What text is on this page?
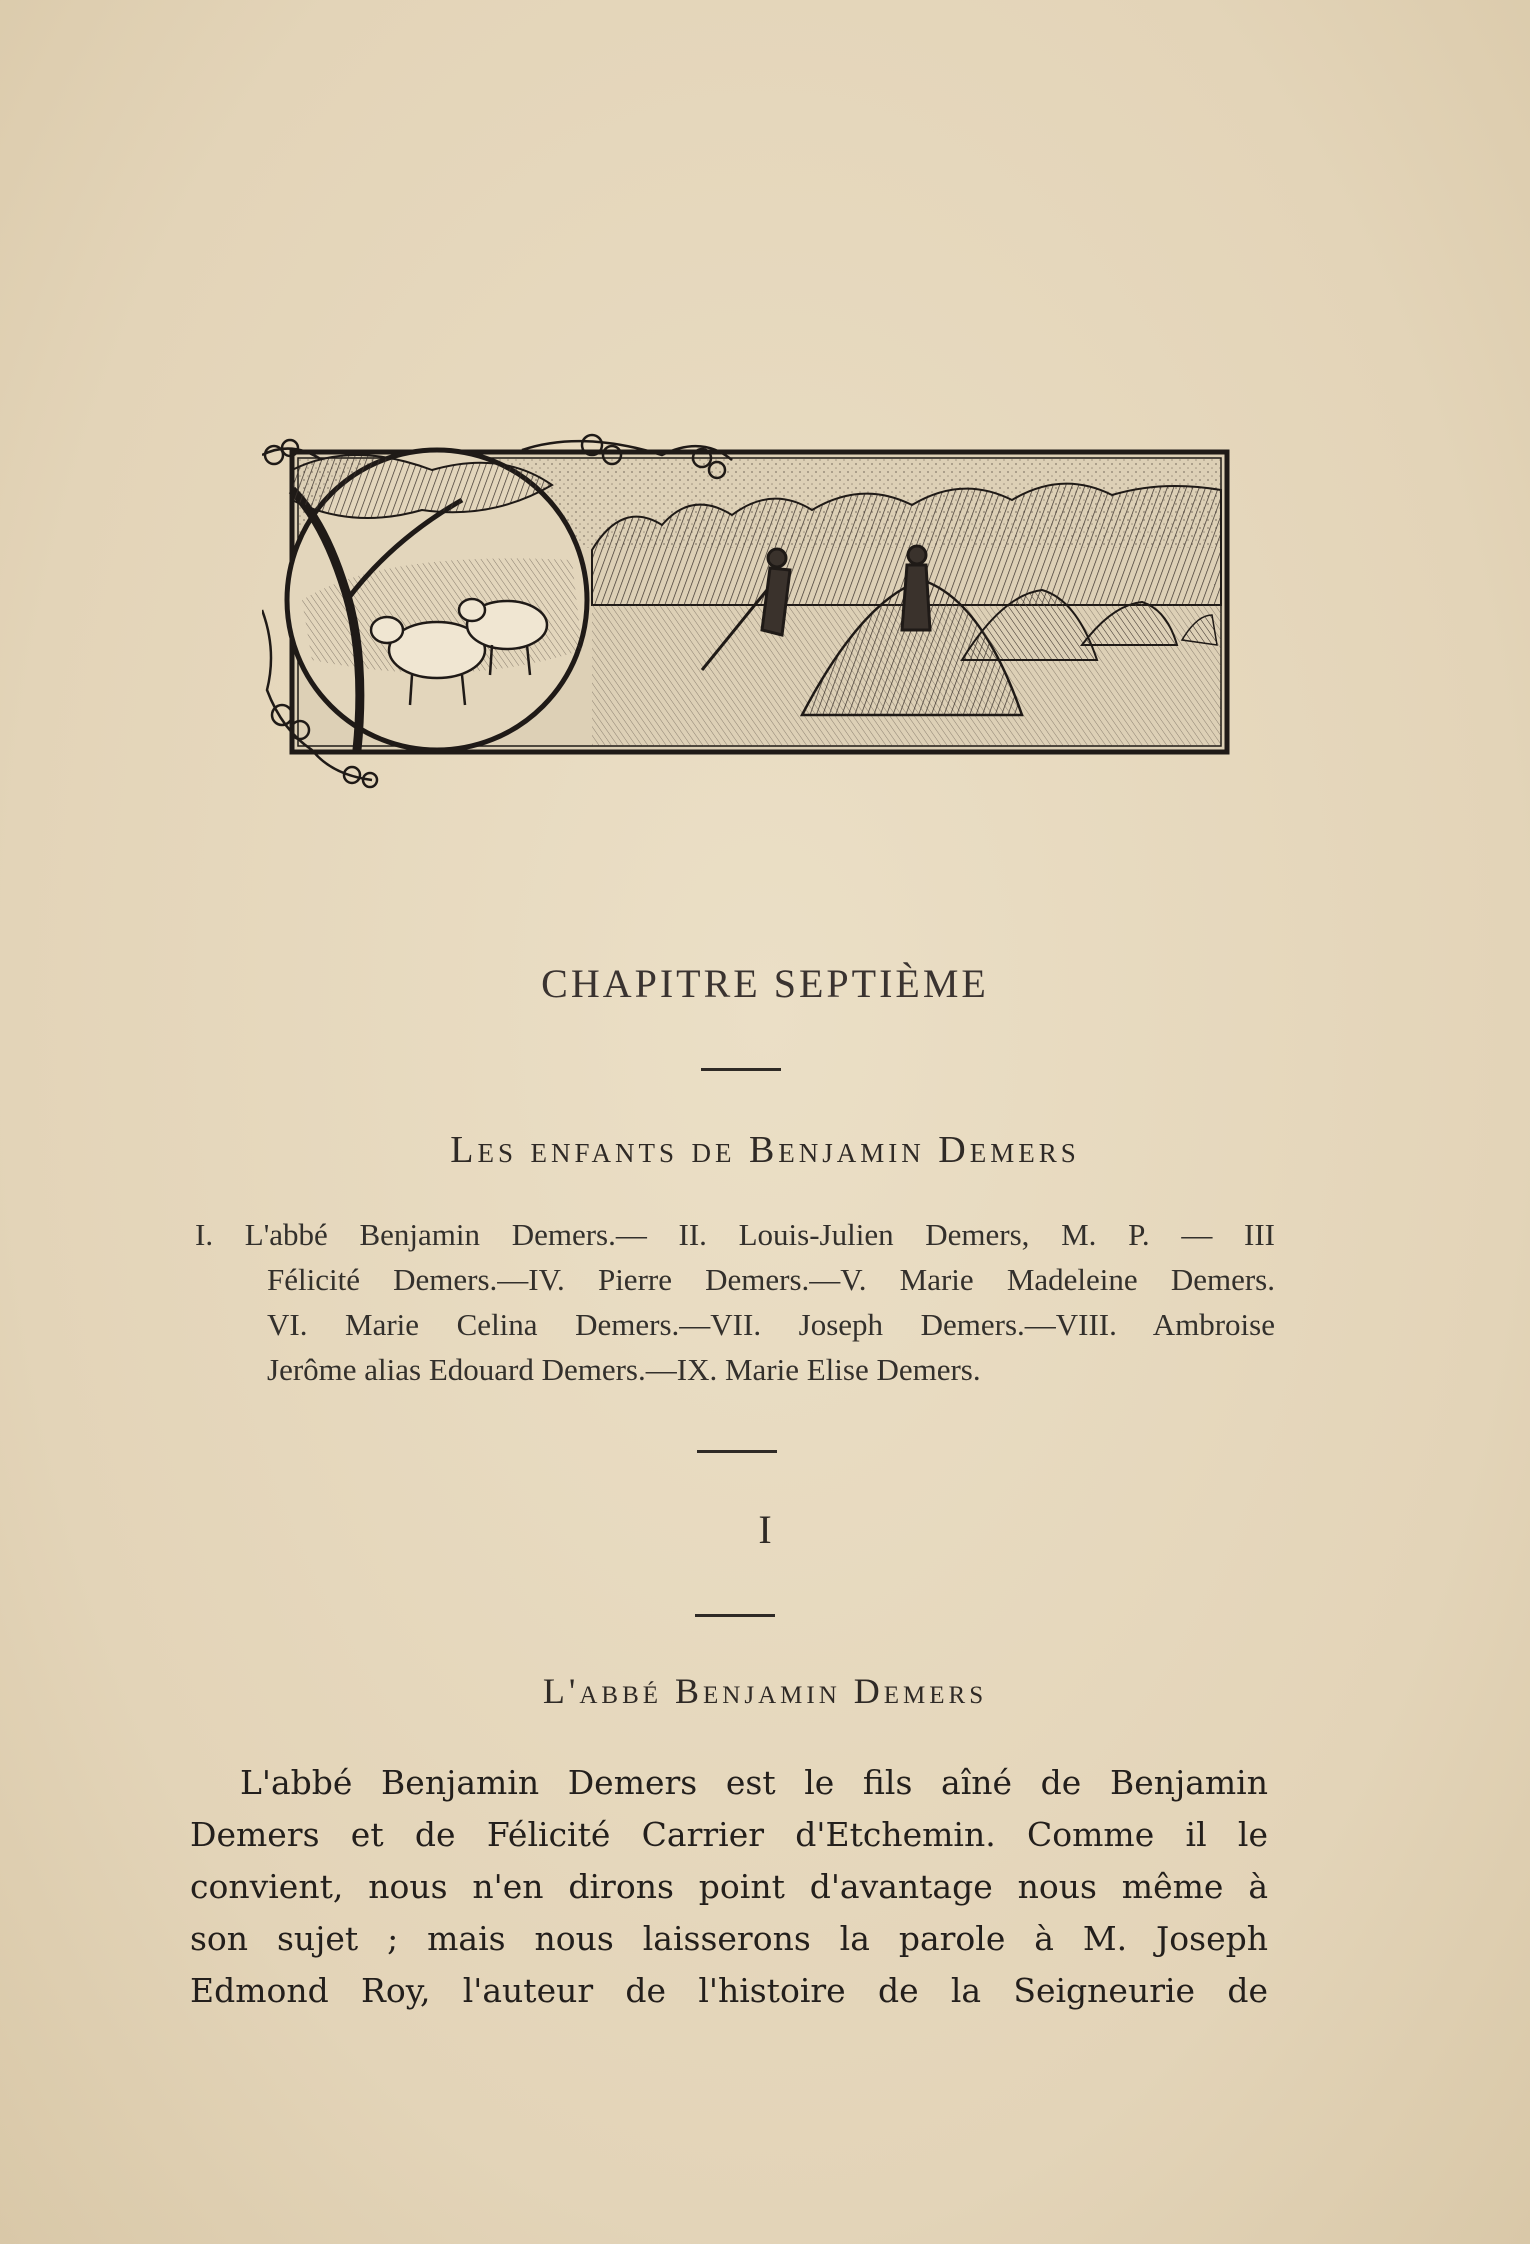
CHAPITRE SEPTIÈME
Les enfants de Benjamin Demers
I. L'abbé Benjamin Demers.— II. Louis-Julien Demers, M. P. — III
Félicité Demers.—IV. Pierre Demers.—V. Marie Madeleine Demers.
VI. Marie Celina Demers.—VII. Joseph Demers.—VIII. Ambroise
Jerôme alias Edouard Demers.—IX. Marie Elise Demers.
I
L'abbé Benjamin Demers
L'abbé Benjamin Demers est le fils aîné de Benjamin
Demers et de Félicité Carrier d'Etchemin. Comme il le
convient, nous n'en dirons point d'avantage nous même à
son sujet ; mais nous laisserons la parole à M. Joseph
Edmond Roy, l'auteur de l'histoire de la Seigneurie de
